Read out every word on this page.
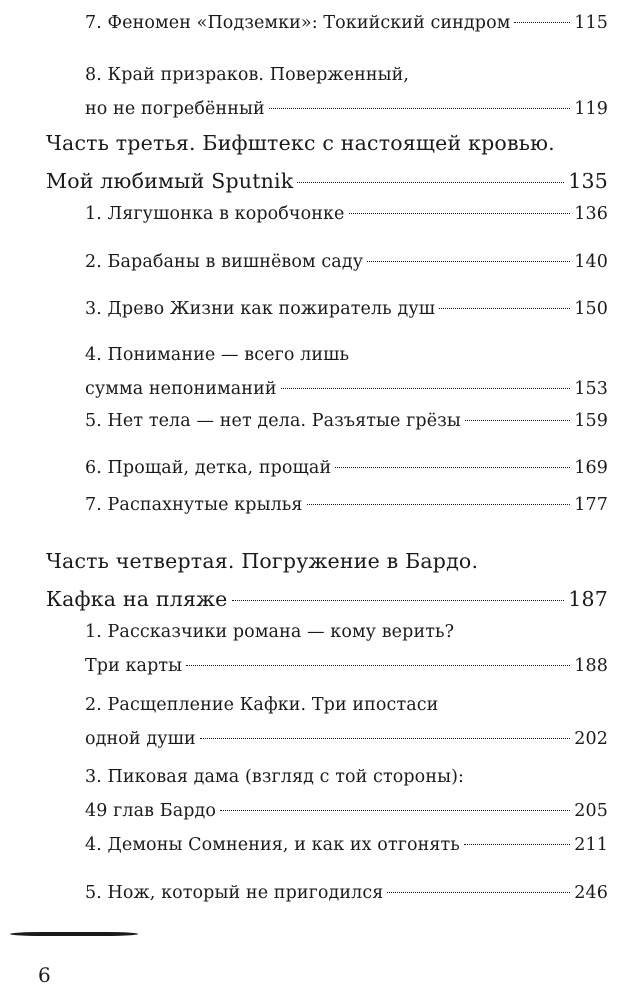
7. Феномен «Подземки»: Токийский синдром	115
8. Край призраков. Поверженный,
но не погребённый	119
Часть третья. Бифштекс с настоящей кровью.
Мой любимый Sputnik	135
1. Лягушонка в коробчонке	136
2. Барабаны в вишнёвом саду	140
3. Древо Жизни как пожиратель душ	150
4. Понимание — всего лишь
сумма непониманий	153
5. Нет тела — нет дела. Разъятые грёзы	159
6. Прощай, детка, прощай	169
7. Распахнутые крылья	177
Часть четвертая. Погружение в Бардо.
Кафка на пляже	187
1. Рассказчики романа — кому верить?
Три карты	188
2. Расщепление Кафки. Три ипостаси
одной души	202
3. Пиковая дама (взгляд с той стороны):
49 глав Бардо	205
4. Демоны Сомнения, и как их отгонять	211
5. Нож, который не пригодился	246
6
